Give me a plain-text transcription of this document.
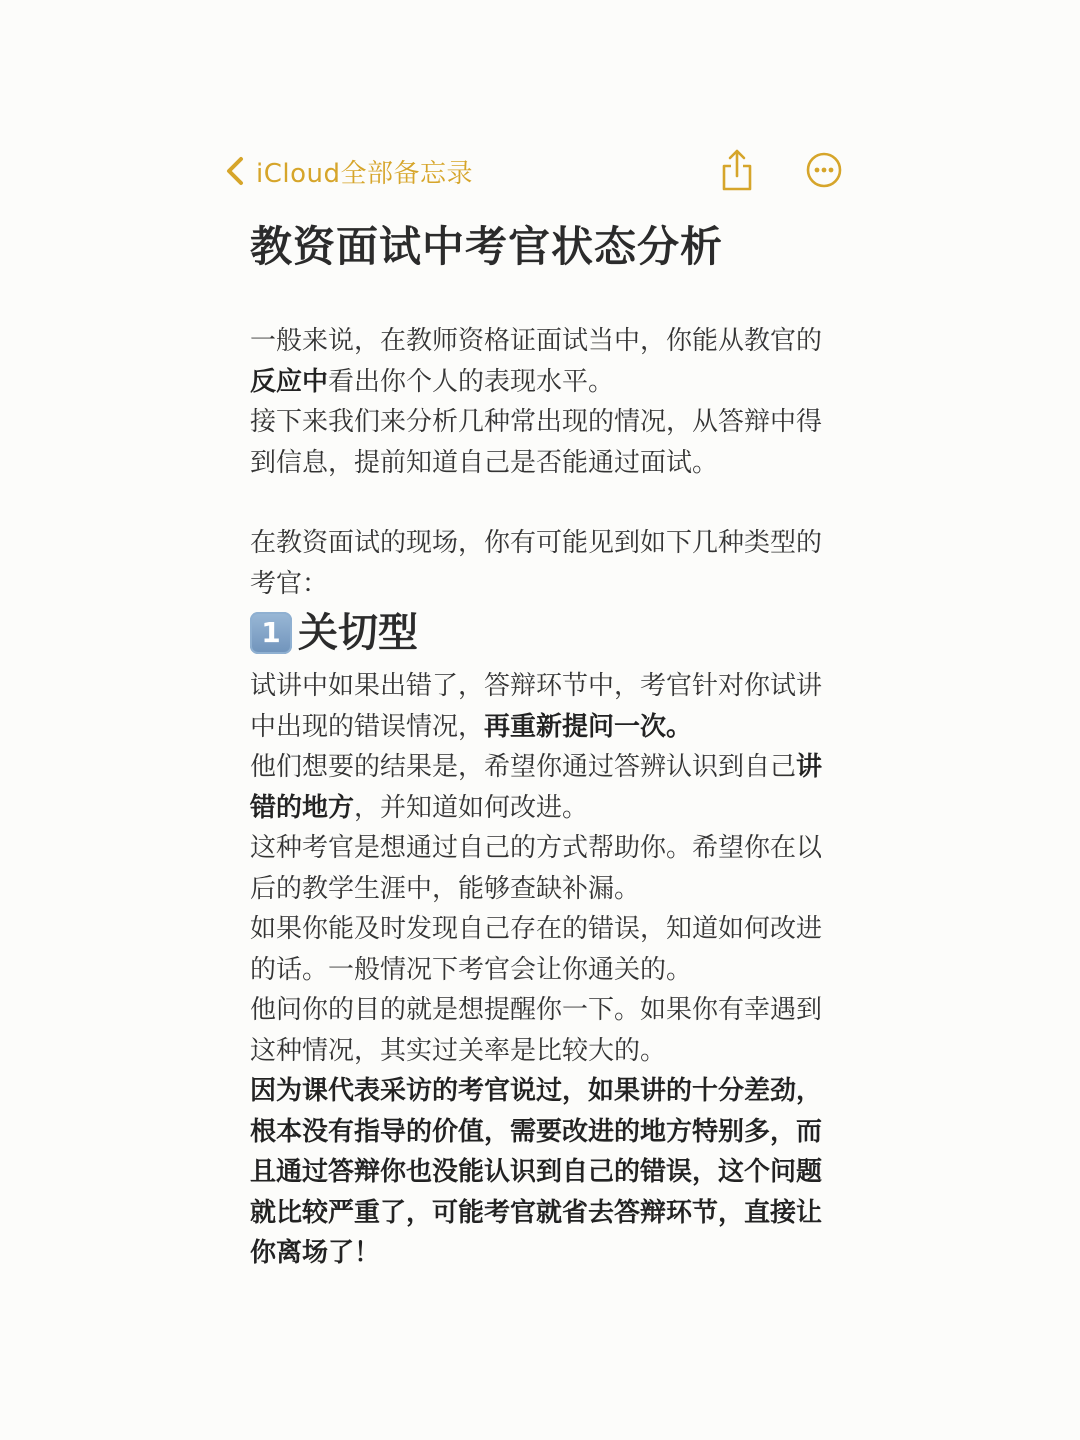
iCloud全部备忘录
教资面试中考官状态分析

一般来说，在教师资格证面试当中，你能从教官的反应中看出你个人的表现水平。

接下来我们来分析几种常出现的情况，从答辩中得到信息，提前知道自己是否能通过面试。

在教资面试的现场，你有可能见到如下几种类型的考官：

1 关切型

试讲中如果出错了，答辩环节中，考官针对你试讲中出现的错误情况，再重新提问一次。

他们想要的结果是，希望你通过答辨认识到自己讲错的地方，并知道如何改进。

这种考官是想通过自己的方式帮助你。希望你在以后的教学生涯中，能够查缺补漏。

如果你能及时发现自己存在的错误，知道如何改进的话。一般情况下考官会让你通关的。

他问你的目的就是想提醒你一下。如果你有幸遇到这种情况，其实过关率是比较大的。

因为课代表采访的考官说过，如果讲的十分差劲，根本没有指导的价值，需要改进的地方特别多，而且通过答辩你也没能认识到自己的错误，这个问题就比较严重了，可能考官就省去答辩环节，直接让你离场了！
